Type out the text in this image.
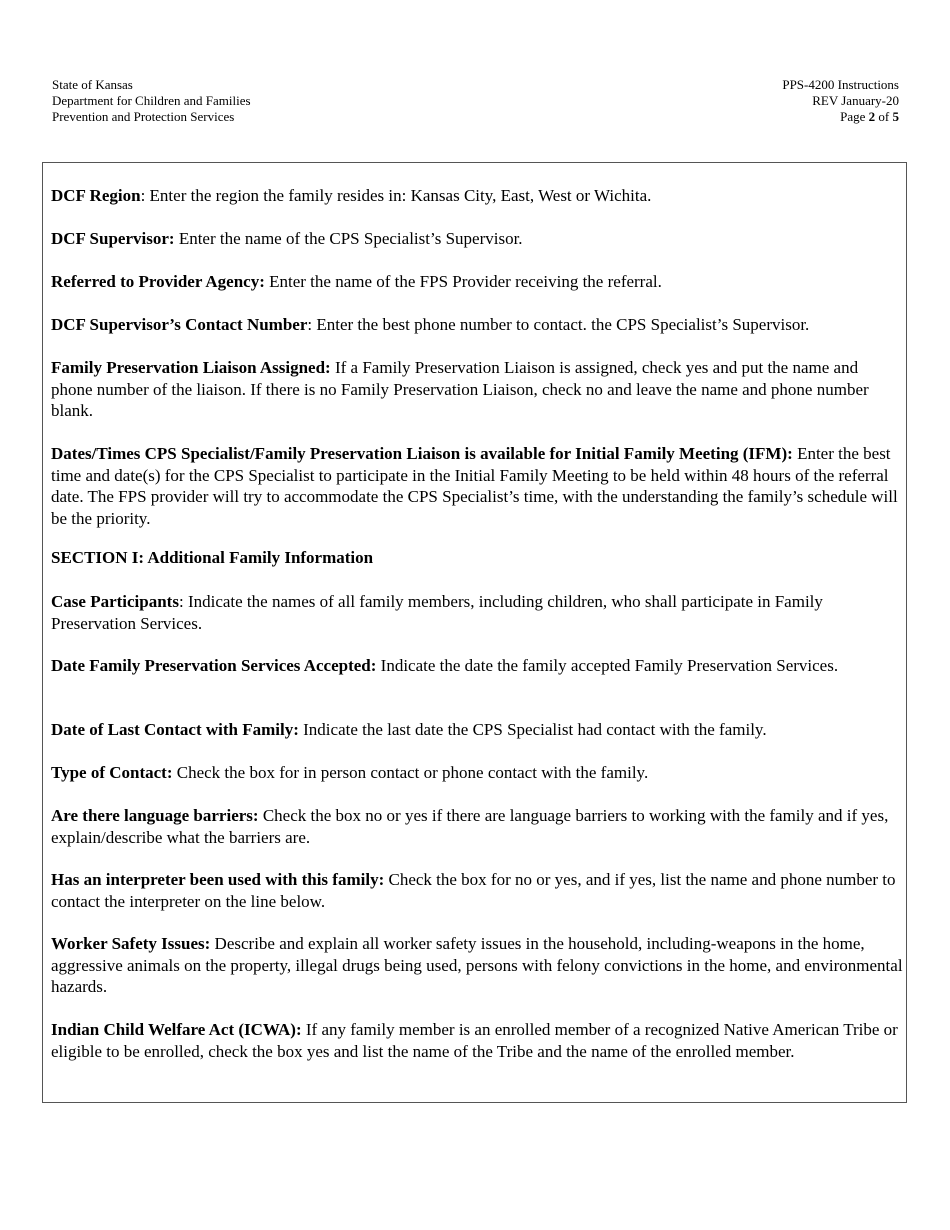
State of Kansas
Department for Children and Families
Prevention and Protection Services
PPS-4200 Instructions
REV January-20
Page 2 of 5

DCF Region: Enter the region the family resides in: Kansas City, East, West or Wichita.

DCF Supervisor: Enter the name of the CPS Specialist’s Supervisor.

Referred to Provider Agency: Enter the name of the FPS Provider receiving the referral.

DCF Supervisor’s Contact Number: Enter the best phone number to contact. the CPS Specialist’s Supervisor.

Family Preservation Liaison Assigned: If a Family Preservation Liaison is assigned, check yes and put the name and phone number of the liaison. If there is no Family Preservation Liaison, check no and leave the name and phone number blank.

Dates/Times CPS Specialist/Family Preservation Liaison is available for Initial Family Meeting (IFM): Enter the best time and date(s) for the CPS Specialist to participate in the Initial Family Meeting to be held within 48 hours of the referral date. The FPS provider will try to accommodate the CPS Specialist’s time, with the understanding the family’s schedule will be the priority.

SECTION I: Additional Family Information

Case Participants: Indicate the names of all family members, including children, who shall participate in Family Preservation Services.

Date Family Preservation Services Accepted: Indicate the date the family accepted Family Preservation Services.

Date of Last Contact with Family: Indicate the last date the CPS Specialist had contact with the family.

Type of Contact: Check the box for in person contact or phone contact with the family.

Are there language barriers: Check the box no or yes if there are language barriers to working with the family and if yes, explain/describe what the barriers are.

Has an interpreter been used with this family: Check the box for no or yes, and if yes, list the name and phone number to contact the interpreter on the line below.

Worker Safety Issues: Describe and explain all worker safety issues in the household, including-weapons in the home, aggressive animals on the property, illegal drugs being used, persons with felony convictions in the home, and environmental hazards.

Indian Child Welfare Act (ICWA): If any family member is an enrolled member of a recognized Native American Tribe or eligible to be enrolled, check the box yes and list the name of the Tribe and the name of the enrolled member.
